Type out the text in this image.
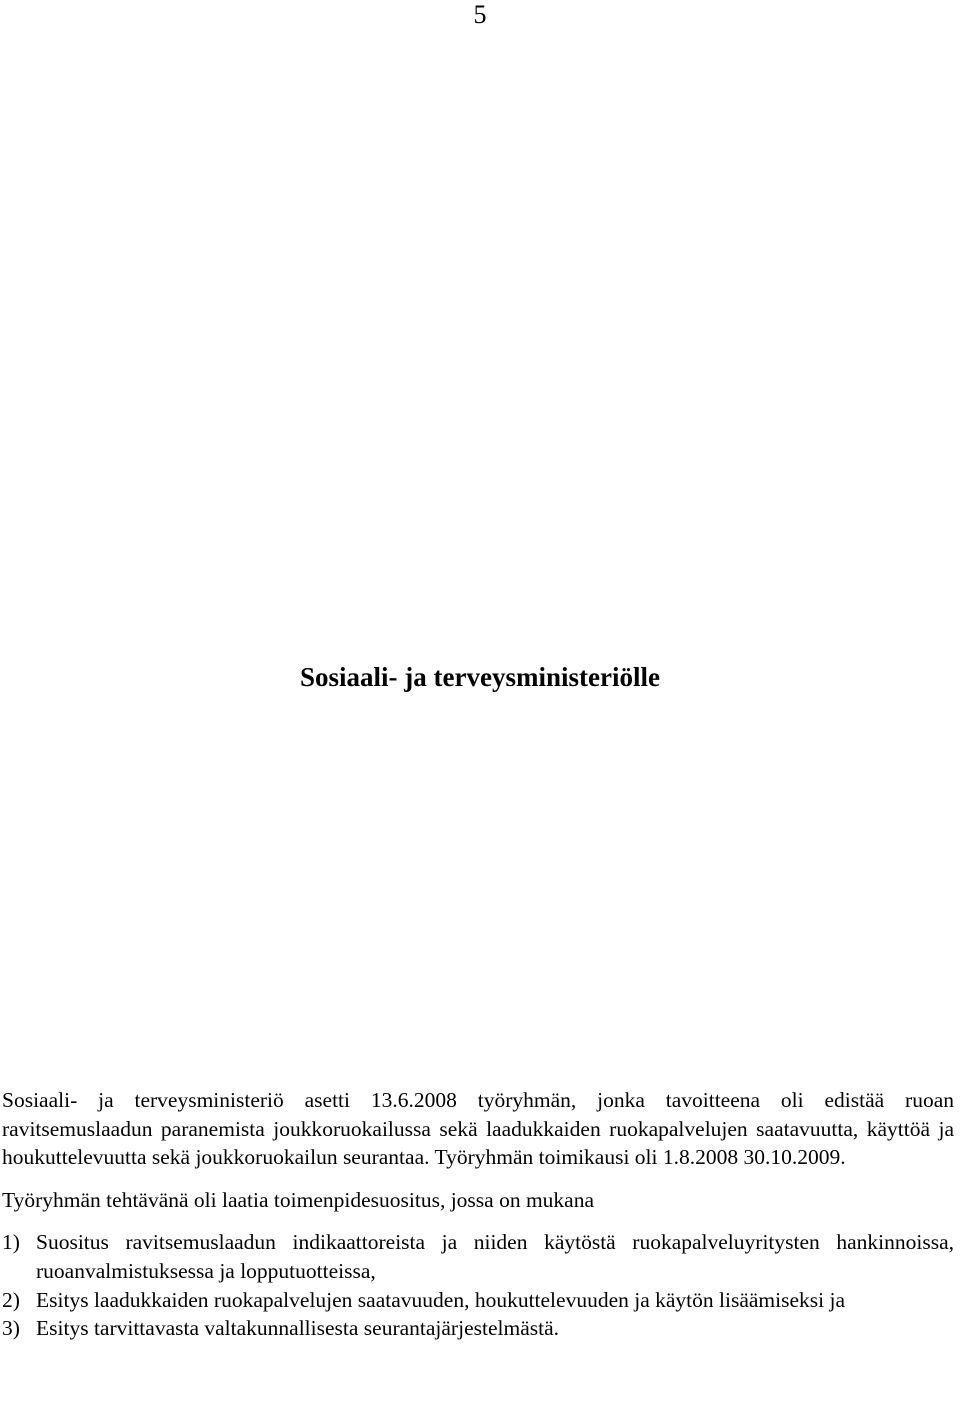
5
Sosiaali- ja terveysministeriölle

Sosiaali- ja terveysministeriö asetti 13.6.2008 työryhmän, jonka tavoitteena oli edistää ruoan ravitsemuslaadun paranemista joukkoruokailussa sekä laadukkaiden ruokapalvelujen saatavuutta, käyttöä ja houkuttelevuutta sekä joukkoruokailun seurantaa. Työryhmän toimikausi oli 1.8.2008 30.10.2009.

Työryhmän tehtävänä oli laatia toimenpidesuositus, jossa on mukana

1) Suositus ravitsemuslaadun indikaattoreista ja niiden käytöstä ruokapalveluyritysten hankinnoissa, ruoanvalmistuksessa ja lopputuotteissa,
2) Esitys laadukkaiden ruokapalvelujen saatavuuden, houkuttelevuuden ja käytön lisäämiseksi ja
3) Esitys tarvittavasta valtakunnallisesta seurantajärjestelmästä.
